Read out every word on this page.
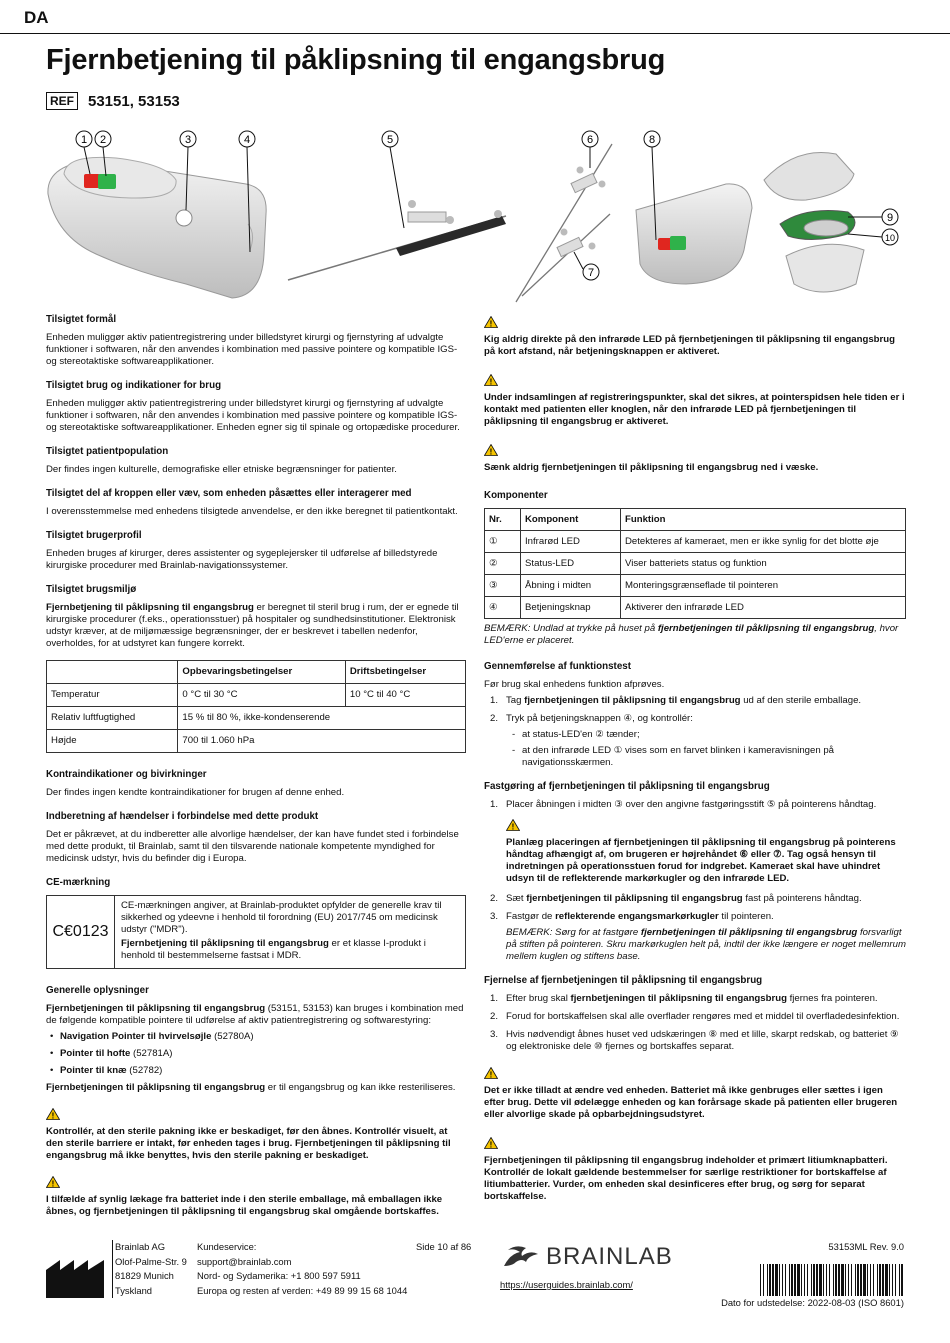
DA
Fjernbetjening til påklipsning til engangsbrug
REF 53151, 53153
1 2	3	4	5	6
7
8
9
10
Tilsigtet formål

Enheden muliggør aktiv patientregistrering under billedstyret kirurgi og fjernstyring af udvalgte funktioner i softwaren, når den anvendes i kombination med passive pointere og kompatible IGS- og stereotaktiske softwareapplikationer.

Tilsigtet brug og indikationer for brug

Enheden muliggør aktiv patientregistrering under billedstyret kirurgi og fjernstyring af udvalgte funktioner i softwaren, når den anvendes i kombination med passive pointere og kompatible IGS- og stereotaktiske softwareapplikationer. Enheden egner sig til spinale og ortopædiske procedurer.

Tilsigtet patientpopulation

Der findes ingen kulturelle, demografiske eller etniske begrænsninger for patienter.

Tilsigtet del af kroppen eller væv, som enheden påsættes eller interagerer med

I overensstemmelse med enhedens tilsigtede anvendelse, er den ikke beregnet til patientkontakt.

Tilsigtet brugerprofil

Enheden bruges af kirurger, deres assistenter og sygeplejersker til udførelse af billedstyrede kirurgiske procedurer med Brainlab-navigationssystemer.

Tilsigtet brugsmiljø

Fjernbetjening til påklipsning til engangsbrug er beregnet til steril brug i rum, der er egnede til kirurgiske procedurer (f.eks., operationsstuer) på hospitaler og sundhedsinstitutioner. Elektronisk udstyr kræver, at de miljømæssige begrænsninger, der er beskrevet i tabellen nedenfor, overholdes, for at udstyret kan fungere korrekt.

	Opbevaringsbetingelser	Driftsbetingelser
Temperatur	0 °C til 30 °C	10 °C til 40 °C
Relativ luftfugtighed	15 % til 80 %, ikke-kondenserende	
Højde	700 til 1.060 hPa	
Kontraindikationer og bivirkninger

Der findes ingen kendte kontraindikationer for brugen af denne enhed.

Indberetning af hændelser i forbindelse med dette produkt

Det er påkrævet, at du indberetter alle alvorlige hændelser, der kan have fundet sted i forbindelse med dette produkt, til Brainlab, samt til den tilsvarende nationale kompetente myndighed for medicinsk udstyr, hvis du befinder dig i Europa.

CE-mærkning
C€0123

CE-mærkningen angiver, at Brainlab-produktet opfylder de generelle krav til sikkerhed og ydeevne i henhold til forordning (EU) 2017/745 om medicinsk udstyr ("MDR").

Fjernbetjening til påklipsning til engangsbrug er et klasse I-produkt i henhold til bestemmelserne fastsat i MDR.

Generelle oplysninger

Fjernbetjeningen til påklipsning til engangsbrug (53151, 53153) kan bruges i kombination med de følgende kompatible pointere til udførelse af aktiv patientregistrering og softwarestyring:

• Navigation Pointer til hvirvelsøjle (52780A)
• Pointer til hofte (52781A)
• Pointer til knæ (52782)

Fjernbetjeningen til påklipsning til engangsbrug er til engangsbrug og kan ikke resteriliseres.

!

Kontrollér, at den sterile pakning ikke er beskadiget, før den åbnes. Kontrollér visuelt, at den sterile barriere er intakt, før enheden tages i brug. Fjernbetjeningen til påklipsning til engangsbrug må ikke benyttes, hvis den sterile pakning er beskadiget.

!

I tilfælde af synlig lækage fra batteriet inde i den sterile emballage, må emballagen ikke åbnes, og fjernbetjeningen til påklipsning til engangsbrug skal omgående bortskaffes.

!

Kig aldrig direkte på den infrarøde LED på fjernbetjeningen til påklipsning til engangsbrug på kort afstand, når betjeningsknappen er aktiveret.

!

Under indsamlingen af registreringspunkter, skal det sikres, at pointerspidsen hele tiden er i kontakt med patienten eller knoglen, når den infrarøde LED på fjernbetjeningen til påklipsning til engangsbrug er aktiveret.

!

Sænk aldrig fjernbetjeningen til påklipsning til engangsbrug ned i væske.

Komponenter
Nr.	Komponent	Funktion
①	Infrarød LED	Detekteres af kameraet, men er ikke synlig for det blotte øje
②	Status-LED	Viser batteriets status og funktion
③	Åbning i midten	Monteringsgrænseflade til pointeren
④	Betjeningsknap	Aktiverer den infrarøde LED

BEMÆRK: Undlad at trykke på huset på fjernbetjeningen til påklipsning til engangsbrug, hvor LED'erne er placeret.

Gennemførelse af funktionstest

Før brug skal enhedens funktion afprøves.

1. Tag fjernbetjeningen til påklipsning til engangsbrug ud af den sterile emballage.
2. Tryk på betjeningsknappen ④, og kontrollér:
- at status-LED'en ② tænder;
- at den infrarøde LED ① vises som en farvet blinken i kameravisningen på navigationsskærmen.
Fastgøring af fjernbetjeningen til påklipsning til engangsbrug
1. Placer åbningen i midten ③ over den angivne fastgøringsstift ⑤ på pointerens håndtag.
!

Planlæg placeringen af fjernbetjeningen til påklipsning til engangsbrug på pointerens håndtag afhængigt af, om brugeren er højrehåndet ⑥ eller ⑦. Tag også hensyn til indretningen på operationsstuen forud for indgrebet. Kameraet skal have uhindret udsyn til de reflekterende markørkugler og den infrarøde LED.

2. Sæt fjernbetjeningen til påklipsning til engangsbrug fast på pointerens håndtag.
3. Fastgør de reflekterende engangsmarkørkugler til pointeren.

BEMÆRK: Sørg for at fastgøre fjernbetjeningen til påklipsning til engangsbrug forsvarligt på stiften på pointeren. Skru markørkuglen helt på, indtil der ikke længere er noget mellemrum mellem kuglen og stiftens base.

Fjernelse af fjernbetjeningen til påklipsning til engangsbrug
1. Efter brug skal fjernbetjeningen til påklipsning til engangsbrug fjernes fra pointeren.
2. Forud for bortskaffelsen skal alle overflader rengøres med et middel til overfladedesinfektion.
3. Hvis nødvendigt åbnes huset ved udskæringen ⑧ med et lille, skarpt redskab, og batteriet ⑨ og elektroniske dele ⑩ fjernes og bortskaffes separat.
!

Det er ikke tilladt at ændre ved enheden. Batteriet må ikke genbruges eller sættes i igen efter brug. Dette vil ødelægge enheden og kan forårsage skade på patienten eller brugeren eller alvorlige skade på opbarbejdningsudstyret.

!

Fjernbetjeningen til påklipsning til engangsbrug indeholder et primært litiumknapbatteri. Kontrollér de lokalt gældende bestemmelser for særlige restriktioner for bortskaffelse af litiumbatterier. Vurder, om enheden skal desinficeres efter brug, og sørg for separat bortskaffelse.

Brainlab AG
Olof-Palme-Str. 9
81829 Munich
Tyskland
Kundeservice:
support@brainlab.com
Nord- og Sydamerika: +1 800 597 5911
Europa og resten af verden: +49 89 99 15 68 1044
Side 10 af 86	BRAINLAB
https://userguides.brainlab.com/
53153ML Rev. 9.0
Dato for udstedelse: 2022-08-03 (ISO 8601)
